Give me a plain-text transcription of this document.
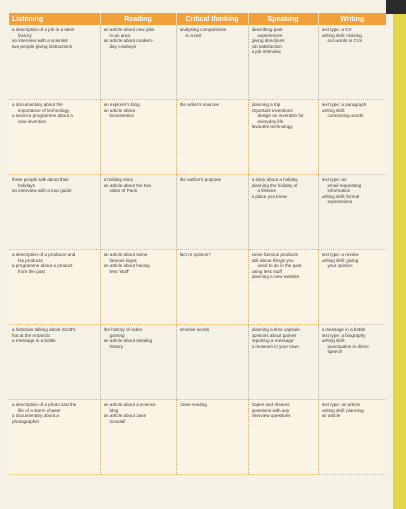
Listening	Reading	Critical thinking	Speaking	Writing

a description of a job in a steel
factory
an interview with a scientist
two people giving instructions	an article about new jobs
in an area
an article about modern-
day cowboys	analysing comparisons
in a text	describing past
experiences
giving directions
job satisfaction
a job interview	text type: a CV
writing skill: missing
out words in CVs

a documentary about the
importance of technology
a science programme about a
new invention	an explorer's blog
an article about
biomimetics	the writer's sources	planning a trip
important inventions
design an invention for
everyday life
favourite technology	text type: a paragraph
writing skill:
connecting words

three people talk about their
holidays
an interview with a tour guide	a holiday story
an article about the two
sides of Paris	the author's purpose	a story about a holiday
planning the holiday of
a lifetime
a place you know	text type: an
email requesting
information
writing skill: formal
expressions

a description of a producer and
his products
a programme about a product
from the past	an article about some
famous logos
an article about having
less 'stuff'	fact or opinion?	some famous products
talk about things you
used to do in the past
using less stuff
planning a new website	text type: a review
writing skill: giving
your opinion

a historian talking about Scott's
hut at the Antarctic
a message in a bottle	the history of video
gaming
an article about stealing
history	emotive words	planning a time capsule
opinions about games
reporting a message
a museum in your town	a message in a bottle
text type: a biography
writing skill:
punctuation in direct
speech

a description of a photo and the
life of a storm chaser
a documentary about a
photographer	an article about a science
blog
an article about Jane
Goodall	close reading	hopes and dreams
questions with any
interview questions	text type: an article
writing skill: planning
an article
